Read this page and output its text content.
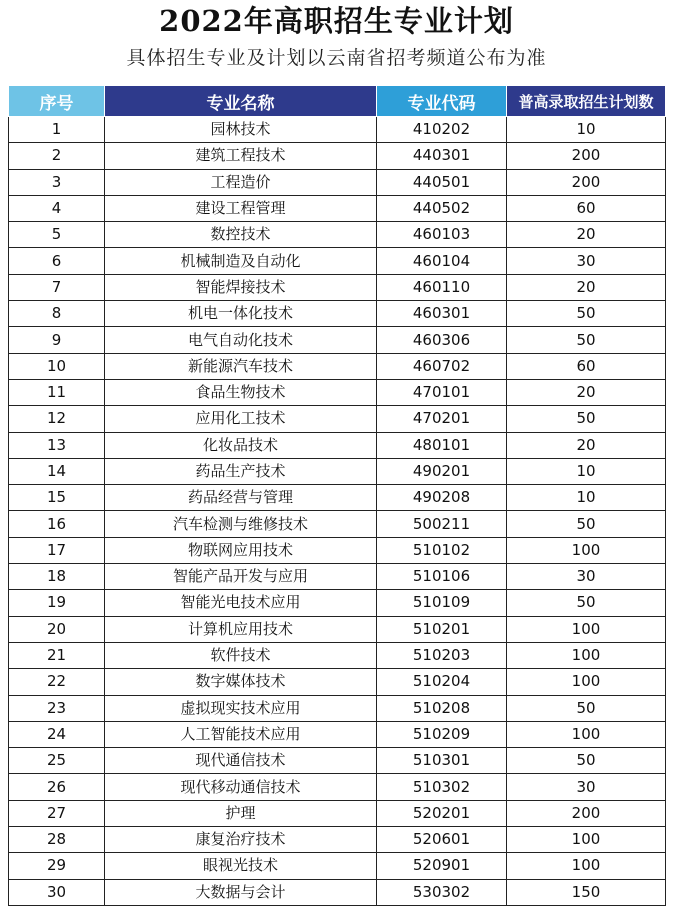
2022年高职招生专业计划
具体招生专业及计划以云南省招考频道公布为准
序号	专业名称	专业代码	普高录取招生计划数
1	园林技术	410202	10
2	建筑工程技术	440301	200
3	工程造价	440501	200
4	建设工程管理	440502	60
5	数控技术	460103	20
6	机械制造及自动化	460104	30
7	智能焊接技术	460110	20
8	机电一体化技术	460301	50
9	电气自动化技术	460306	50
10	新能源汽车技术	460702	60
11	食品生物技术	470101	20
12	应用化工技术	470201	50
13	化妆品技术	480101	20
14	药品生产技术	490201	10
15	药品经营与管理	490208	10
16	汽车检测与维修技术	500211	50
17	物联网应用技术	510102	100
18	智能产品开发与应用	510106	30
19	智能光电技术应用	510109	50
20	计算机应用技术	510201	100
21	软件技术	510203	100
22	数字媒体技术	510204	100
23	虚拟现实技术应用	510208	50
24	人工智能技术应用	510209	100
25	现代通信技术	510301	50
26	现代移动通信技术	510302	30
27	护理	520201	200
28	康复治疗技术	520601	100
29	眼视光技术	520901	100
30	大数据与会计	530302	150
